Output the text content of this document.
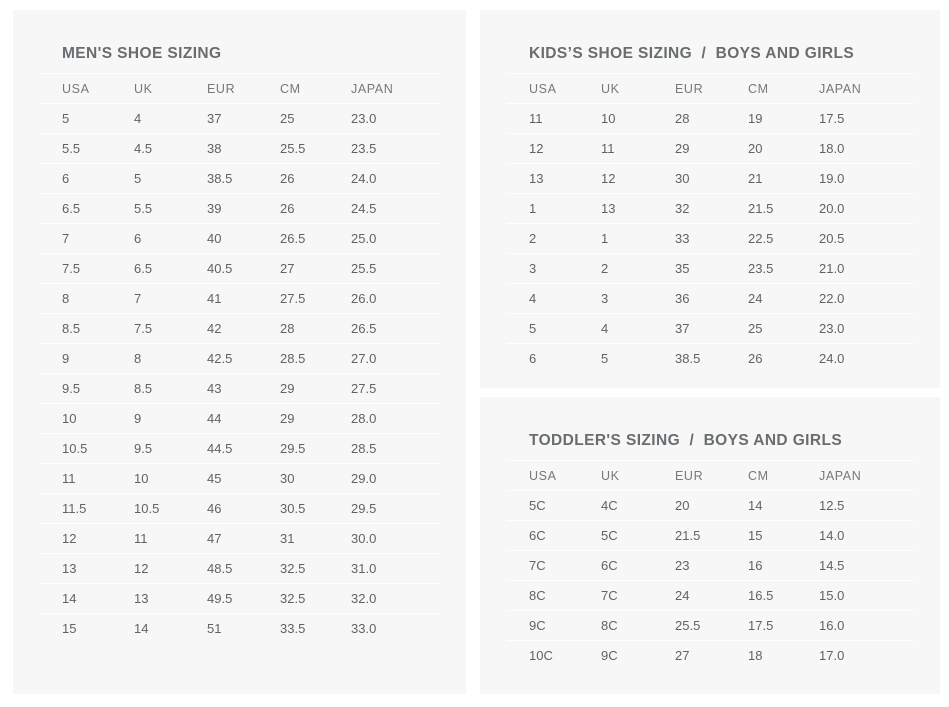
MEN'S SHOE SIZING
USA	UK	EUR	CM	JAPAN
5	4	37	25	23.0
5.5	4.5	38	25.5	23.5
6	5	38.5	26	24.0
6.5	5.5	39	26	24.5
7	6	40	26.5	25.0
7.5	6.5	40.5	27	25.5
8	7	41	27.5	26.0
8.5	7.5	42	28	26.5
9	8	42.5	28.5	27.0
9.5	8.5	43	29	27.5
10	9	44	29	28.0
10.5	9.5	44.5	29.5	28.5
11	10	45	30	29.0
11.5	10.5	46	30.5	29.5
12	11	47	31	30.0
13	12	48.5	32.5	31.0
14	13	49.5	32.5	32.0
15	14	51	33.5	33.0
KIDS’S SHOE SIZING  /  BOYS AND GIRLS
USA	UK	EUR	CM	JAPAN
11	10	28	19	17.5
12	11	29	20	18.0
13	12	30	21	19.0
1	13	32	21.5	20.0
2	1	33	22.5	20.5
3	2	35	23.5	21.0
4	3	36	24	22.0
5	4	37	25	23.0
6	5	38.5	26	24.0
TODDLER'S SIZING  /  BOYS AND GIRLS
USA	UK	EUR	CM	JAPAN
5C	4C	20	14	12.5
6C	5C	21.5	15	14.0
7C	6C	23	16	14.5
8C	7C	24	16.5	15.0
9C	8C	25.5	17.5	16.0
10C	9C	27	18	17.0
